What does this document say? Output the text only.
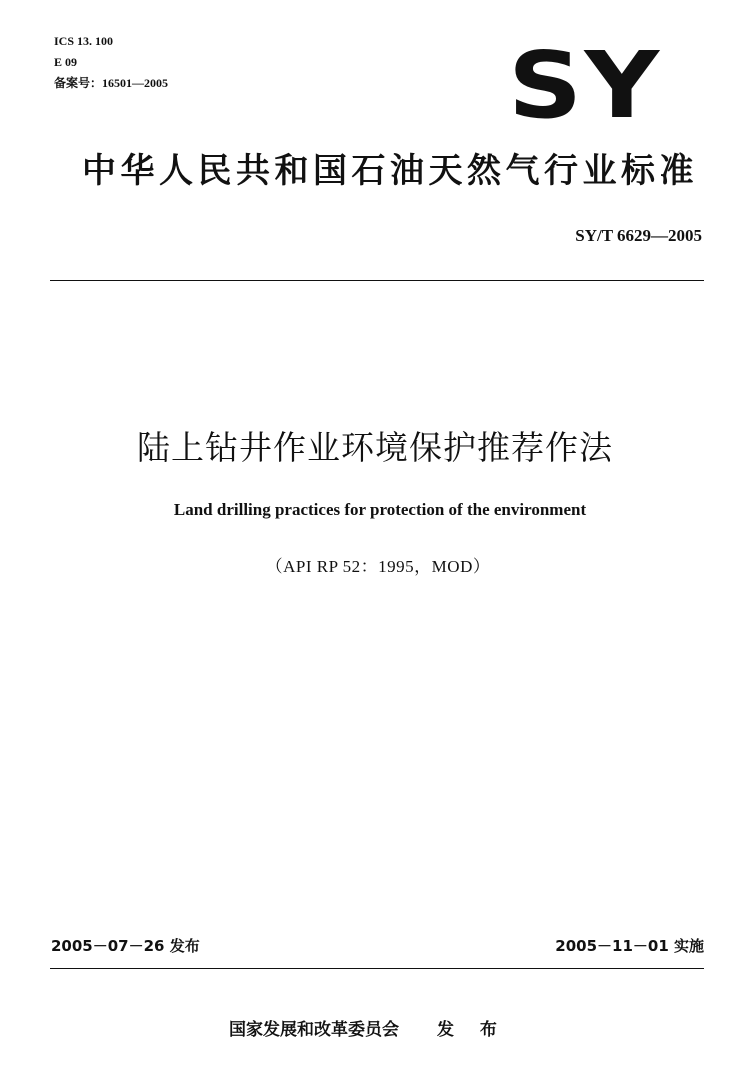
ICS 13. 100
E 09
备案号：16501—2005	SY
中华人民共和国石油天然气行业标准
SY/T 6629—2005
陆上钻井作业环境保护推荐作法
Land drilling practices for protection of the environment
（API RP 52：1995，MOD）
2005－07－26 发布	2005－11－01 实施
国家发展和改革委员会 发 布
